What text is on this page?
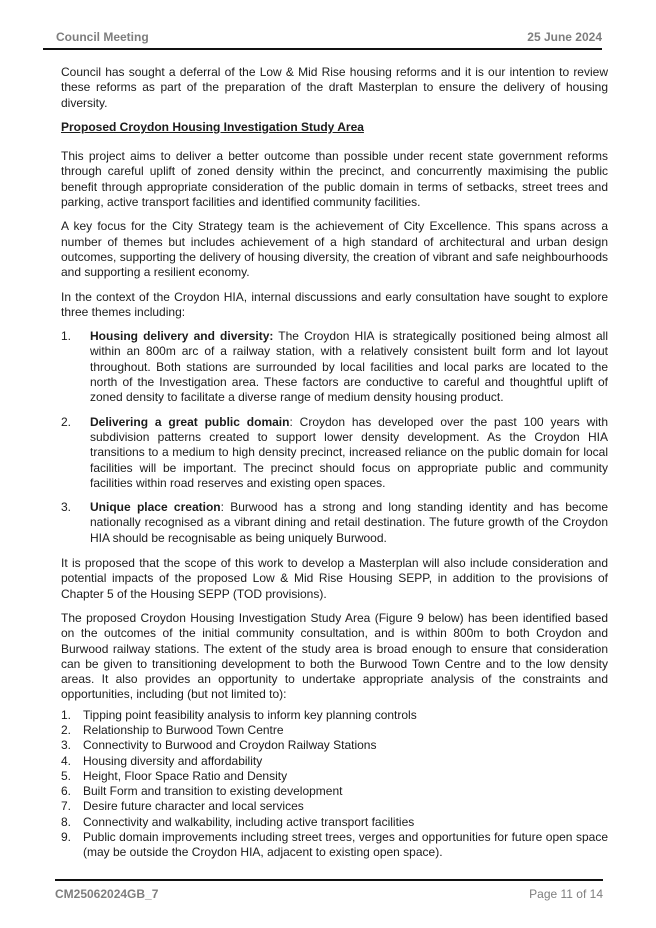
Council Meeting	25 June 2024

Council has sought a deferral of the Low & Mid Rise housing reforms and it is our intention to review these reforms as part of the preparation of the draft Masterplan to ensure the delivery of housing diversity.

Proposed Croydon Housing Investigation Study Area

This project aims to deliver a better outcome than possible under recent state government reforms through careful uplift of zoned density within the precinct, and concurrently maximising the public benefit through appropriate consideration of the public domain in terms of setbacks, street trees and parking, active transport facilities and identified community facilities.

A key focus for the City Strategy team is the achievement of City Excellence. This spans across a number of themes but includes achievement of a high standard of architectural and urban design outcomes, supporting the delivery of housing diversity, the creation of vibrant and safe neighbourhoods and supporting a resilient economy.

In the context of the Croydon HIA, internal discussions and early consultation have sought to explore three themes including:

1.	Housing delivery and diversity: The Croydon HIA is strategically positioned being almost all within an 800m arc of a railway station, with a relatively consistent built form and lot layout throughout. Both stations are surrounded by local facilities and local parks are located to the north of the Investigation area. These factors are conductive to careful and thoughtful uplift of zoned density to facilitate a diverse range of medium density housing product.
2.	Delivering a great public domain: Croydon has developed over the past 100 years with subdivision patterns created to support lower density development. As the Croydon HIA transitions to a medium to high density precinct, increased reliance on the public domain for local facilities will be important. The precinct should focus on appropriate public and community facilities within road reserves and existing open spaces.
3.	Unique place creation: Burwood has a strong and long standing identity and has become nationally recognised as a vibrant dining and retail destination. The future growth of the Croydon HIA should be recognisable as being uniquely Burwood.

It is proposed that the scope of this work to develop a Masterplan will also include consideration and potential impacts of the proposed Low & Mid Rise Housing SEPP, in addition to the provisions of Chapter 5 of the Housing SEPP (TOD provisions).

The proposed Croydon Housing Investigation Study Area (Figure 9 below) has been identified based on the outcomes of the initial community consultation, and is within 800m to both Croydon and Burwood railway stations. The extent of the study area is broad enough to ensure that consideration can be given to transitioning development to both the Burwood Town Centre and to the low density areas. It also provides an opportunity to undertake appropriate analysis of the constraints and opportunities, including (but not limited to):

1. Tipping point feasibility analysis to inform key planning controls
2. Relationship to Burwood Town Centre
3. Connectivity to Burwood and Croydon Railway Stations
4. Housing diversity and affordability
5. Height, Floor Space Ratio and Density
6. Built Form and transition to existing development
7. Desire future character and local services
8. Connectivity and walkability, including active transport facilities
9. Public domain improvements including street trees, verges and opportunities for future open space (may be outside the Croydon HIA, adjacent to existing open space).
CM25062024GB_7	Page 11 of 14
